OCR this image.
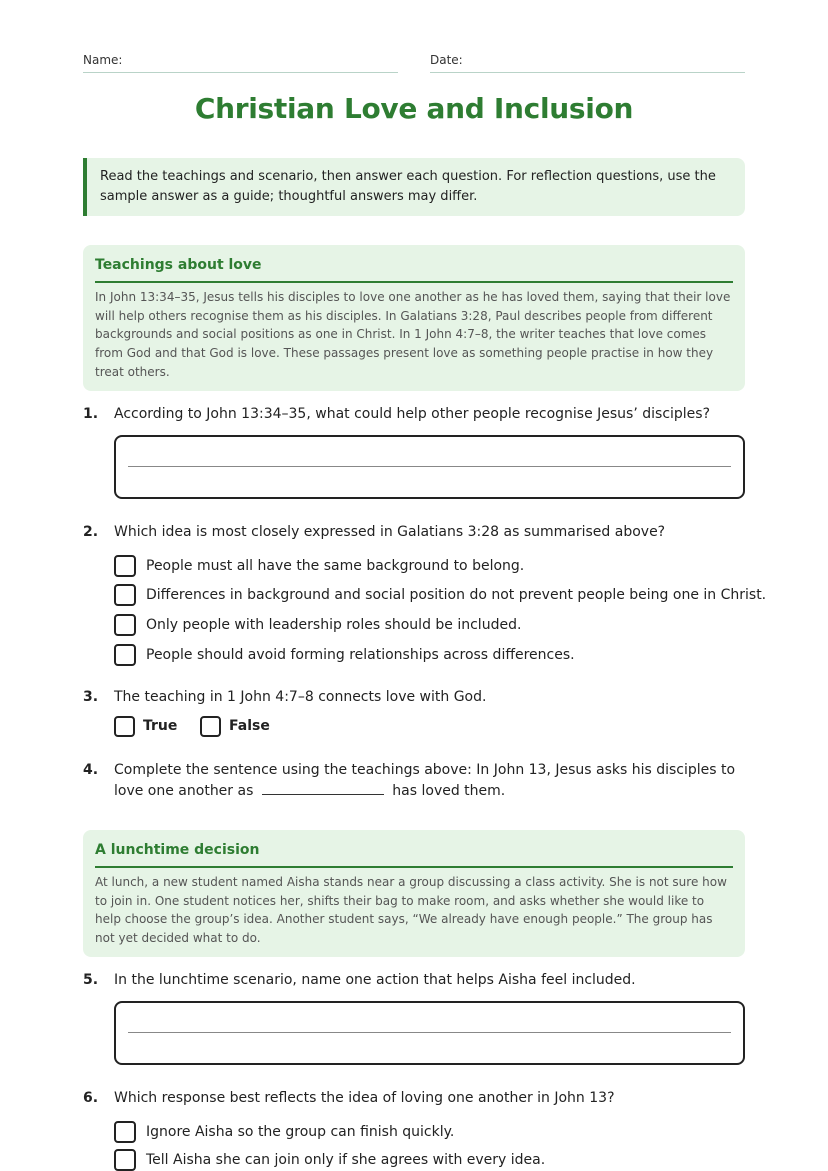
Name:	Date:
Christian Love and Inclusion
Read the teachings and scenario, then answer each question. For reflection questions, use the sample answer as a guide; thoughtful answers may differ.
Teachings about love
In John 13:34–35, Jesus tells his disciples to love one another as he has loved them, saying that their love will help others recognise them as his disciples. In Galatians 3:28, Paul describes people from different backgrounds and social positions as one in Christ. In 1 John 4:7–8, the writer teaches that love comes from God and that God is love. These passages present love as something people practise in how they treat others.
1. According to John 13:34–35, what could help other people recognise Jesus’ disciples?
2. Which idea is most closely expressed in Galatians 3:28 as summarised above?
People must all have the same background to belong.
Differences in background and social position do not prevent people being one in Christ.
Only people with leadership roles should be included.
People should avoid forming relationships across differences.
3. The teaching in 1 John 4:7–8 connects love with God.
True	False
4. Complete the sentence using the teachings above: In John 13, Jesus asks his disciples to love one another as	has loved them.
A lunchtime decision
At lunch, a new student named Aisha stands near a group discussing a class activity. She is not sure how to join in. One student notices her, shifts their bag to make room, and asks whether she would like to help choose the group’s idea. Another student says, “We already have enough people.” The group has not yet decided what to do.
5. In the lunchtime scenario, name one action that helps Aisha feel included.
6. Which response best reflects the idea of loving one another in John 13?
Ignore Aisha so the group can finish quickly.
Tell Aisha she can join only if she agrees with every idea.
